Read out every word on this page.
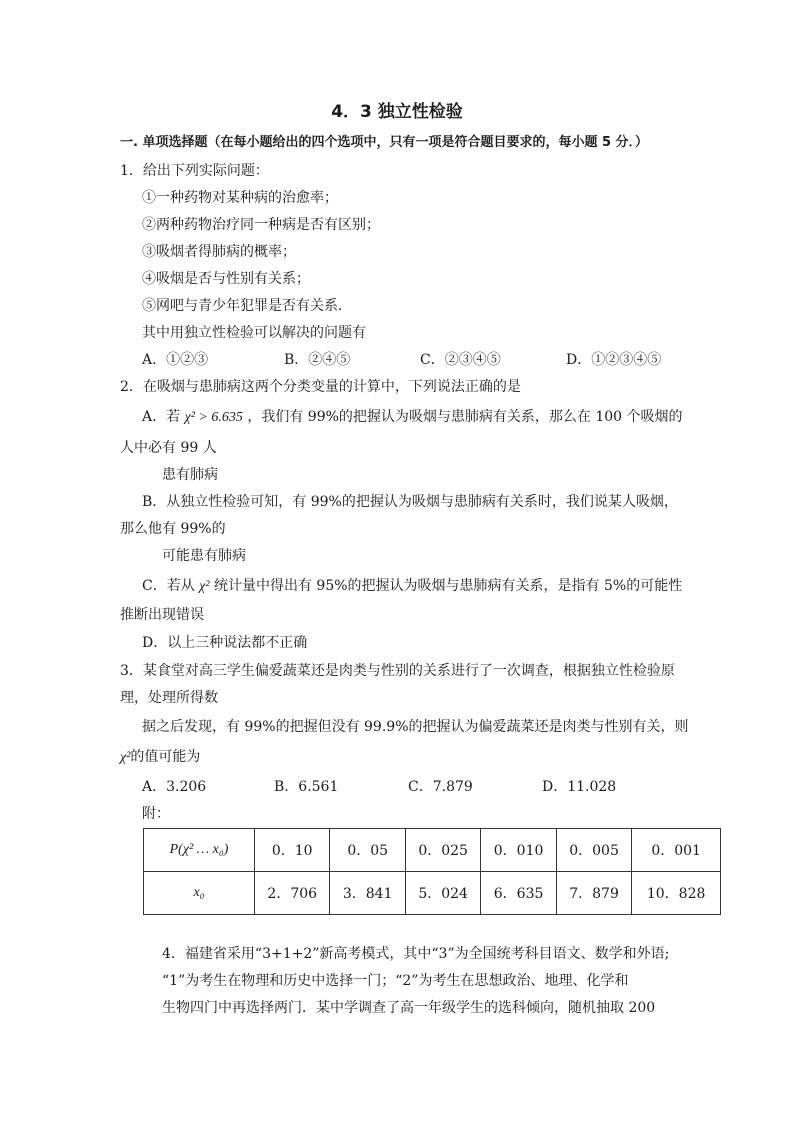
4．3 独立性检验
一. 单项选择题（在每小题给出的四个选项中，只有一项是符合题目要求的，每小题 5 分．）
1．给出下列实际问题：
①一种药物对某种病的治愈率；
②两种药物治疗同一种病是否有区别；
③吸烟者得肺病的概率；
④吸烟是否与性别有关系；
⑤网吧与青少年犯罪是否有关系．
其中用独立性检验可以解决的问题有
A．①②③	B．②④⑤	C．②③④⑤	D．①②③④⑤
2．在吸烟与患肺病这两个分类变量的计算中，下列说法正确的是
A．若 χ² > 6.635 ，我们有 99%的把握认为吸烟与患肺病有关系，那么在 100 个吸烟的
人中必有 99 人
患有肺病
B．从独立性检验可知，有 99%的把握认为吸烟与患肺病有关系时，我们说某人吸烟，
那么他有 99%的
可能患有肺病
C．若从 χ² 统计量中得出有 95%的把握认为吸烟与患肺病有关系，是指有 5%的可能性
推断出现错误
D．以上三种说法都不正确
3．某食堂对高三学生偏爱蔬菜还是肉类与性别的关系进行了一次调查，根据独立性检验原
理，处理所得数
据之后发现，有 99%的把握但没有 99.9%的把握认为偏爱蔬菜还是肉类与性别有关，则
χ²的值可能为
A．3.206	B．6.561	C．7.879	D．11.028
附：
P(χ² … x₀)	0．10	0．05	0．025	0．010	0．005	0．001
x₀	2．706	3．841	5．024	6．635	7．879	10．828
4．福建省采用“3+1+2”新高考模式，其中“3”为全国统考科目语文、数学和外语;
“1”为考生在物理和历史中选择一门；“2”为考生在思想政治、地理、化学和
生物四门中再选择两门．某中学调查了高一年级学生的选科倾向，随机抽取 200
